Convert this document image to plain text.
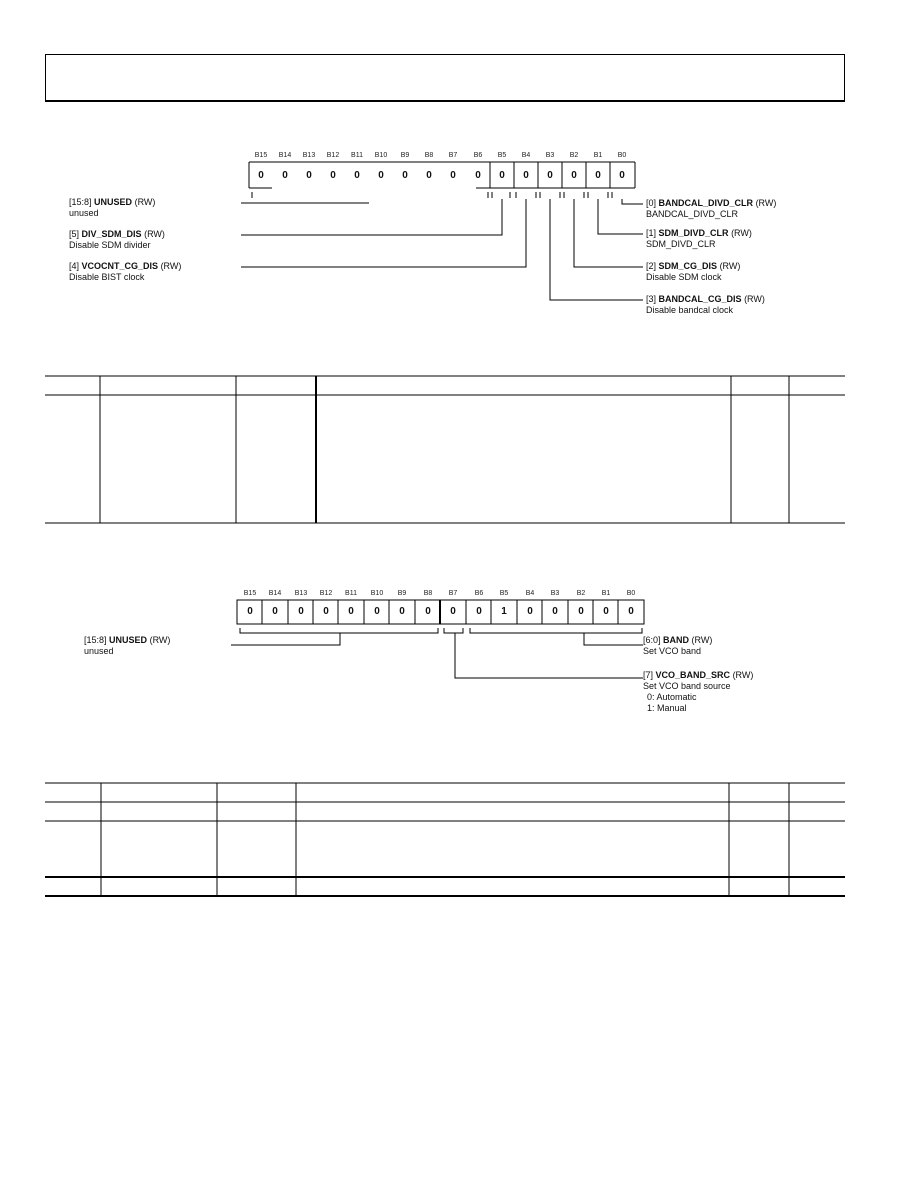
B15	B14	B13	B12	B11	B10	B9	B8	B7	B6	B5	B4	B3	B2	B1	B0
0	0	0	0	0	0	0	0	0	0	0	0	0	0	0	0
[15:8] UNUSED (RW)
unused
[5] DIV_SDM_DIS (RW)
Disable SDM divider
[4] VCOCNT_CG_DIS (RW)
Disable BIST clock
[0] BANDCAL_DIVD_CLR (RW)
BANDCAL_DIVD_CLR
[1] SDM_DIVD_CLR (RW)
SDM_DIVD_CLR
[2] SDM_CG_DIS (RW)
Disable SDM clock
[3] BANDCAL_CG_DIS (RW)
Disable bandcal clock
B15	B14	B13	B12	B11	B10	B9	B8	B7	B6	B5	B4	B3	B2	B1	B0
0	0	0	0	0	0	0	0	0	0	1	0	0	0	0	0
[15:8] UNUSED (RW)
unused
[6:0] BAND (RW)
Set VCO band
[7] VCO_BAND_SRC (RW)
Set VCO band source
0: Automatic
1: Manual
